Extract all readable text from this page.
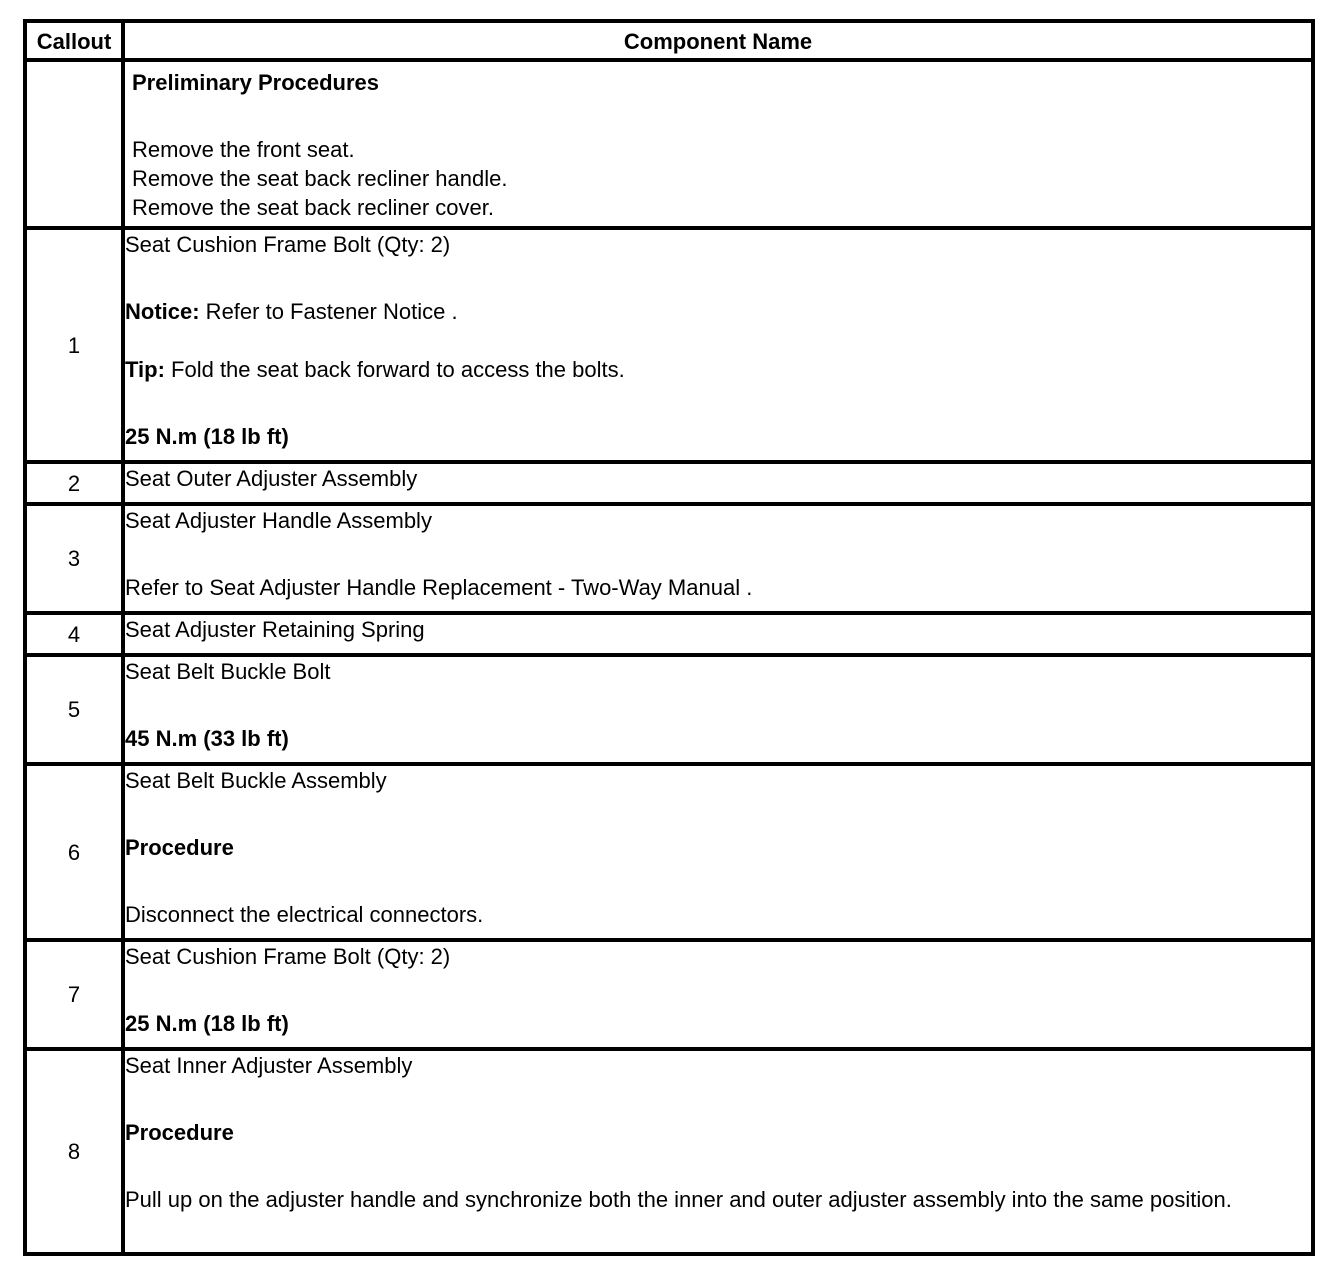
Callout	Component Name

	Preliminary Procedures
Remove the front seat.
Remove the seat back recliner handle.
Remove the seat back recliner cover.

1	Seat Cushion Frame Bolt (Qty: 2)
Notice: Refer to Fastener Notice .
Tip: Fold the seat back forward to access the bolts.
25 N.m (18 lb ft)

2	Seat Outer Adjuster Assembly

3	Seat Adjuster Handle Assembly
Refer to Seat Adjuster Handle Replacement - Two-Way Manual .

4	Seat Adjuster Retaining Spring

5	Seat Belt Buckle Bolt
45 N.m (33 lb ft)

6	Seat Belt Buckle Assembly
Procedure
Disconnect the electrical connectors.

7	Seat Cushion Frame Bolt (Qty: 2)
25 N.m (18 lb ft)

8	Seat Inner Adjuster Assembly
Procedure
Pull up on the adjuster handle and synchronize both the inner and outer adjuster assembly into the same position.
